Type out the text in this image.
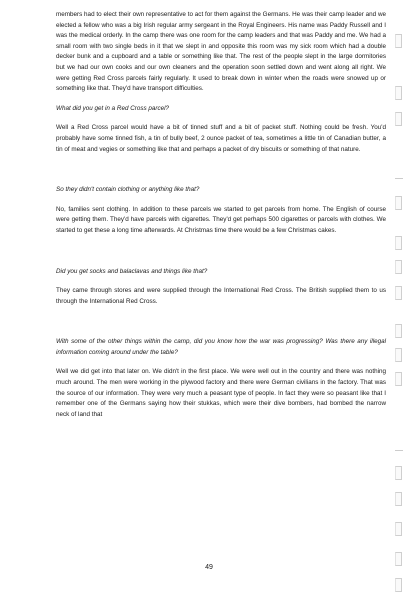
members had to elect their own representative to act for them against the Germans. He was their camp leader and we elected a fellow who was a big Irish regular army sergeant in the Royal Engineers. His name was Paddy Russell and I was the medical orderly. In the camp there was one room for the camp leaders and that was Paddy and me. We had a small room with two single beds in it that we slept in and opposite this room was my sick room which had a double decker bunk and a cupboard and a table or something like that. The rest of the people slept in the large dormitories but we had our own cooks and our own cleaners and the operation soon settled down and went along all right. We were getting Red Cross parcels fairly regularly. It used to break down in winter when the roads were snowed up or something like that. They'd have transport difficulties.

What did you get in a Red Cross parcel?

Well a Red Cross parcel would have a bit of tinned stuff and a bit of packet stuff. Nothing could be fresh. You'd probably have some tinned fish, a tin of bully beef, 2 ounce packet of tea, sometimes a little tin of Canadian butter, a tin of meat and vegies or something like that and perhaps a packet of dry biscuits or something of that nature.

So they didn't contain clothing or anything like that?

No, families sent clothing. In addition to these parcels we started to get parcels from home. The English of course were getting them. They'd have parcels with cigarettes. They'd get perhaps 500 cigarettes or parcels with clothes. We started to get these a long time afterwards. At Christmas time there would be a few Christmas cakes.

Did you get socks and balaclavas and things like that?

They came through stores and were supplied through the International Red Cross. The British supplied them to us through the International Red Cross.

With some of the other things within the camp, did you know how the war was progressing? Was there any illegal information coming around under the table?

Well we did get into that later on. We didn't in the first place. We were well out in the country and there was nothing much around. The men were working in the plywood factory and there were German civilians in the factory. That was the source of our information. They were very much a peasant type of people. In fact they were so peasant like that I remember one of the Germans saying how their stukkas, which were their dive bombers, had bombed the narrow neck of land that

49
